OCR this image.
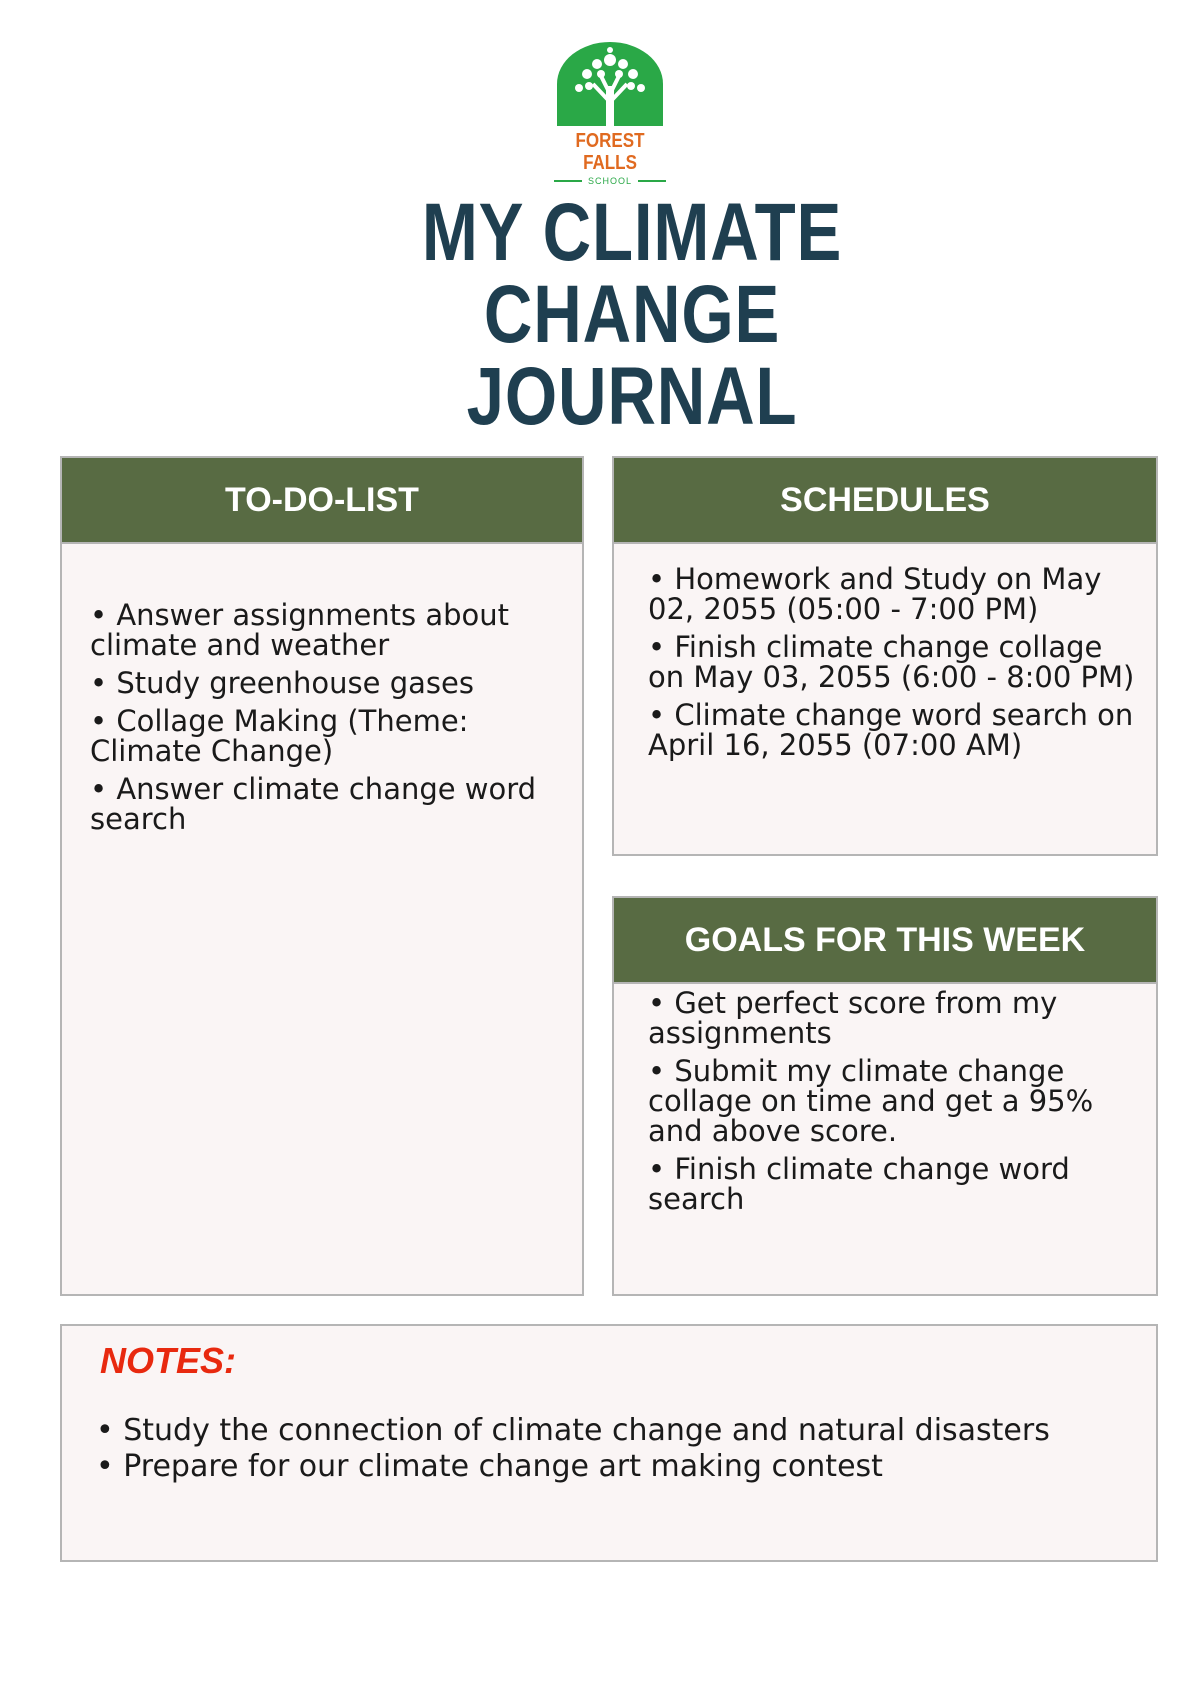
FOREST FALLS
SCHOOL
MY CLIMATE CHANGE
JOURNAL
TO-DO-LIST
• Answer assignments about climate and weather
• Study greenhouse gases
• Collage Making (Theme: Climate Change)
• Answer climate change word search
SCHEDULES
• Homework and Study on May 02, 2055 (05:00 - 7:00 PM)
• Finish climate change collage on May 03, 2055 (6:00 - 8:00 PM)
• Climate change word search on April 16, 2055 (07:00 AM)
GOALS FOR THIS WEEK
• Get perfect score from my assignments
• Submit my climate change collage on time and get a 95% and above score.
• Finish climate change word search
NOTES:
• Study the connection of climate change and natural disasters
• Prepare for our climate change art making contest
